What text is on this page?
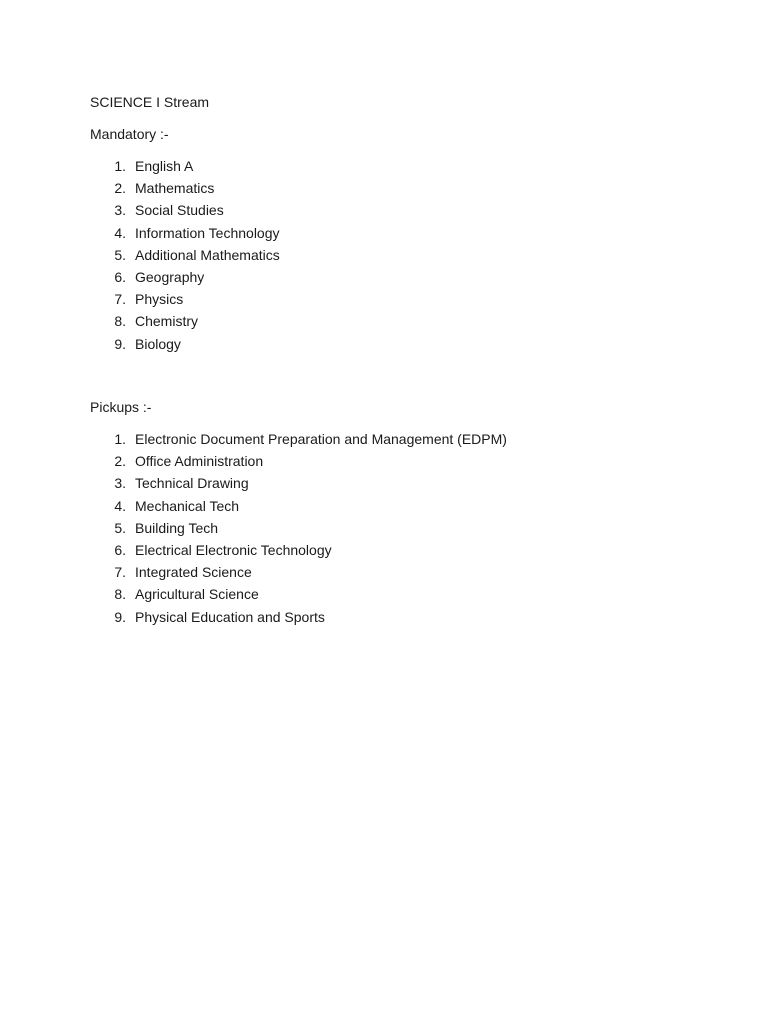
SCIENCE I Stream

Mandatory :-

1. English A
2. Mathematics
3. Social Studies
4. Information Technology
5. Additional Mathematics
6. Geography
7. Physics
8. Chemistry
9. Biology

Pickups :-

1. Electronic Document Preparation and Management (EDPM)
2. Office Administration
3. Technical Drawing
4. Mechanical Tech
5. Building Tech
6. Electrical Electronic Technology
7. Integrated Science
8. Agricultural Science
9. Physical Education and Sports
